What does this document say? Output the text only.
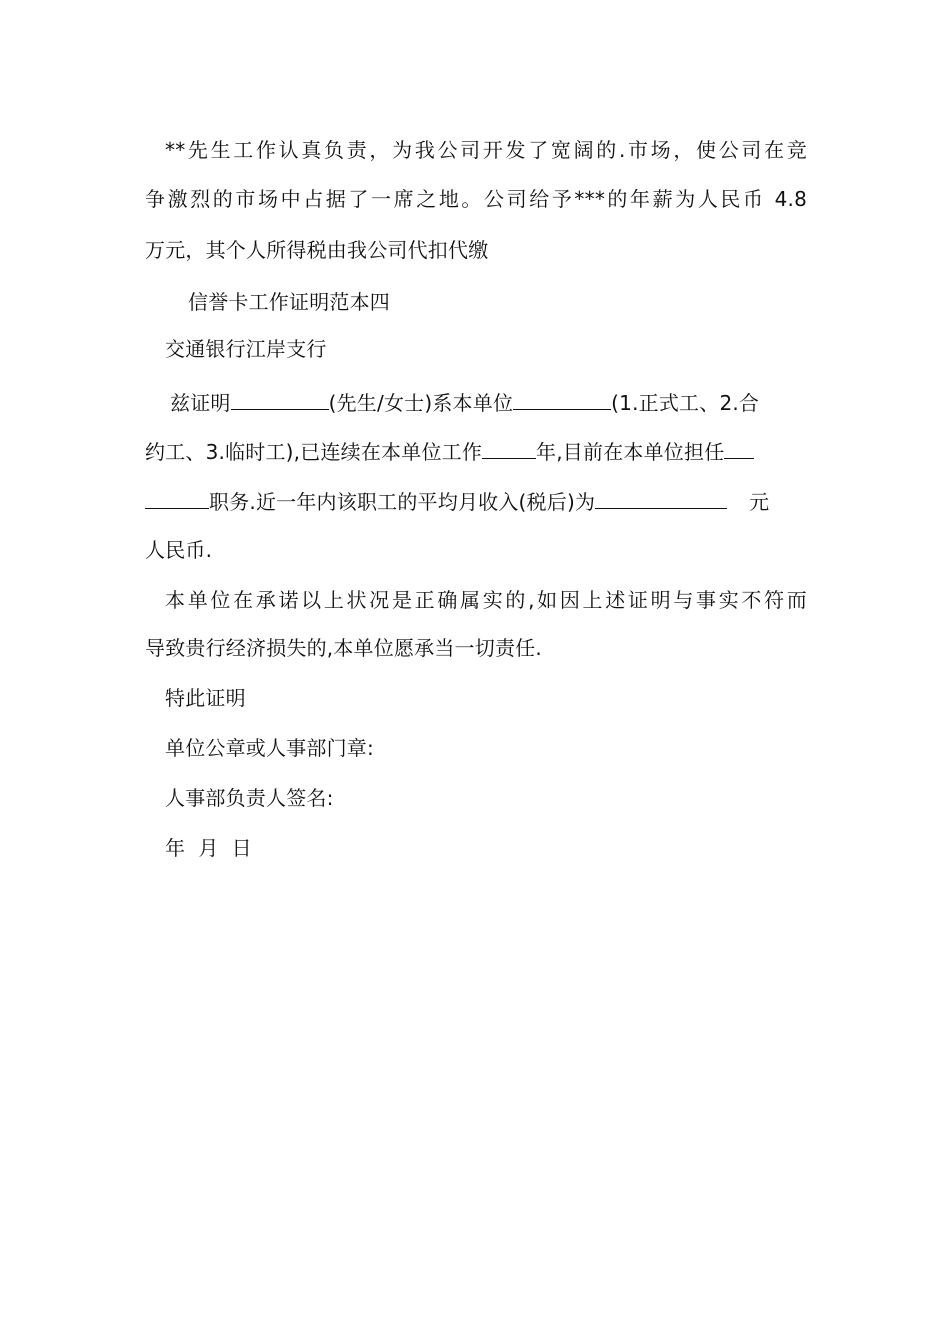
**先生工作认真负责，为我公司开发了宽阔的.市场，使公司在竞
争激烈的市场中占据了一席之地。公司给予***的年薪为人民币 4.8
万元，其个人所得税由我公司代扣代缴
信誉卡工作证明范本四
交通银行江岸支行
兹证明	(先生/女士)系本单位	(1.正式工、2.合
约工、3.临时工),已连续在本单位工作	年,目前在本单位担任
职务.近一年内该职工的平均月收入(税后)为	元
人民币.
本单位在承诺以上状况是正确属实的,如因上述证明与事实不符而
导致贵行经济损失的,本单位愿承当一切责任.
特此证明
单位公章或人事部门章:
人事部负责人签名:
年  月  日
